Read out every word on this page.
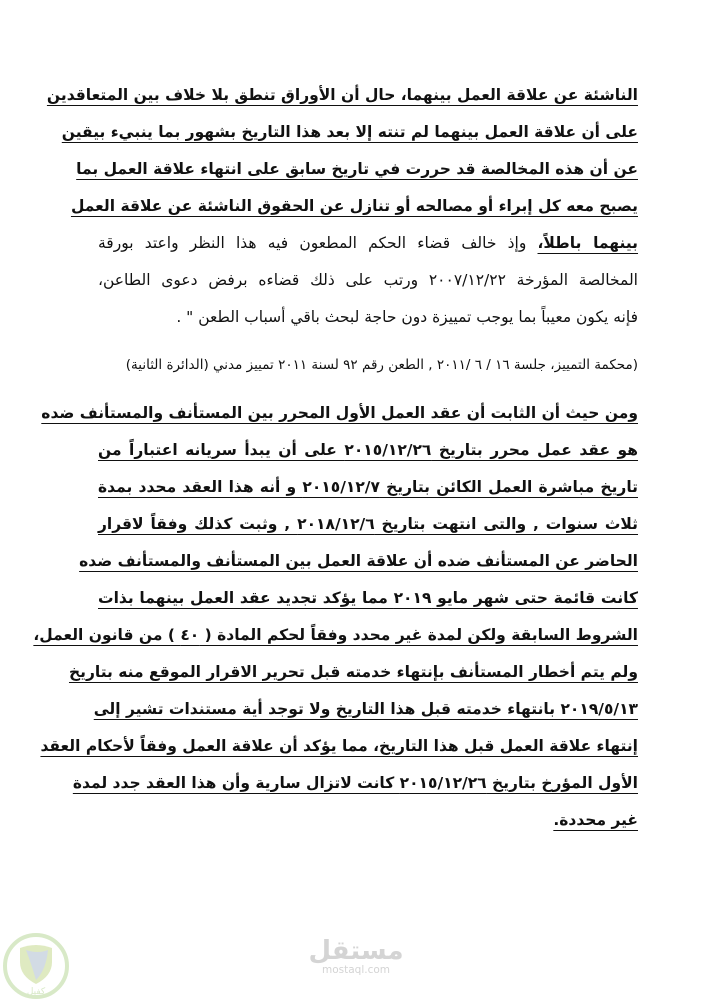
الناشئة عن علاقة العمل بينهما، حال أن الأوراق تنطق بلا خلاف بين المتعاقدين
على أن علاقة العمل بينهما لم تنته إلا بعد هذا التاريخ بشهور بما ينبيء بيقين
عن أن هذه المخالصة قد حررت في تاريخ سابق على انتهاء علاقة العمل بما
يصبح معه كل إبراء أو مصالحه أو تنازل عن الحقوق الناشئة عن علاقة العمل
بينهما باطلاً، وإذ خالف قضاء الحكم المطعون فيه هذا النظر واعتد بورقة
المخالصة المؤرخة ٢٠٠٧/١٢/٢٢ ورتب على ذلك قضاءه برفض دعوى الطاعن،
فإنه يكون معيباً بما يوجب تمييزة دون حاجة لبحث باقي أسباب الطعن " .
(محكمة التمييز، جلسة ١٦ / ٦ /٢٠١١ , الطعن رقم ٩٢ لسنة ٢٠١١ تمييز مدني (الدائرة الثانية)
ومن حيث أن الثابت أن عقد العمل الأول المحرر بين المستأنف والمستأنف ضده
هو عقد عمل محرر بتاريخ ٢٠١٥/١٢/٢٦ على أن يبدأ سريانه اعتباراً من
تاريخ مباشرة العمل الكائن بتاريخ ٢٠١٥/١٢/٧ و أنه هذا العقد محدد بمدة
ثلاث سنوات , والتى انتهت بتاريخ ٢٠١٨/١٢/٦ , وثبت كذلك وفقاً لاقرار
الحاضر عن المستأنف ضده أن علاقة العمل بين المستأنف والمستأنف ضده
كانت قائمة حتى شهر مايو ٢٠١٩ مما يؤكد تجديد عقد العمل بينهما بذات
الشروط السابقة ولكن لمدة غير محدد وفقاً لحكم المادة ( ٤٠ ) من قانون العمل،
ولم يتم أخطار المستأنف بإنتهاء خدمته قبل تحرير الاقرار الموقع منه بتاريخ
٢٠١٩/٥/١٣ بانتهاء خدمته قبل هذا التاريخ ولا توجد أية مستندات تشير إلى
إنتهاء علاقة العمل قبل هذا التاريخ، مما يؤكد أن علاقة العمل وفقاً لأحكام العقد
الأول المؤرخ بتاريخ ٢٠١٥/١٢/٢٦ كانت لاتزال سارية وأن هذا العقد جدد لمدة
غير محددة.
كفيل
مستقل
mostaql.com
